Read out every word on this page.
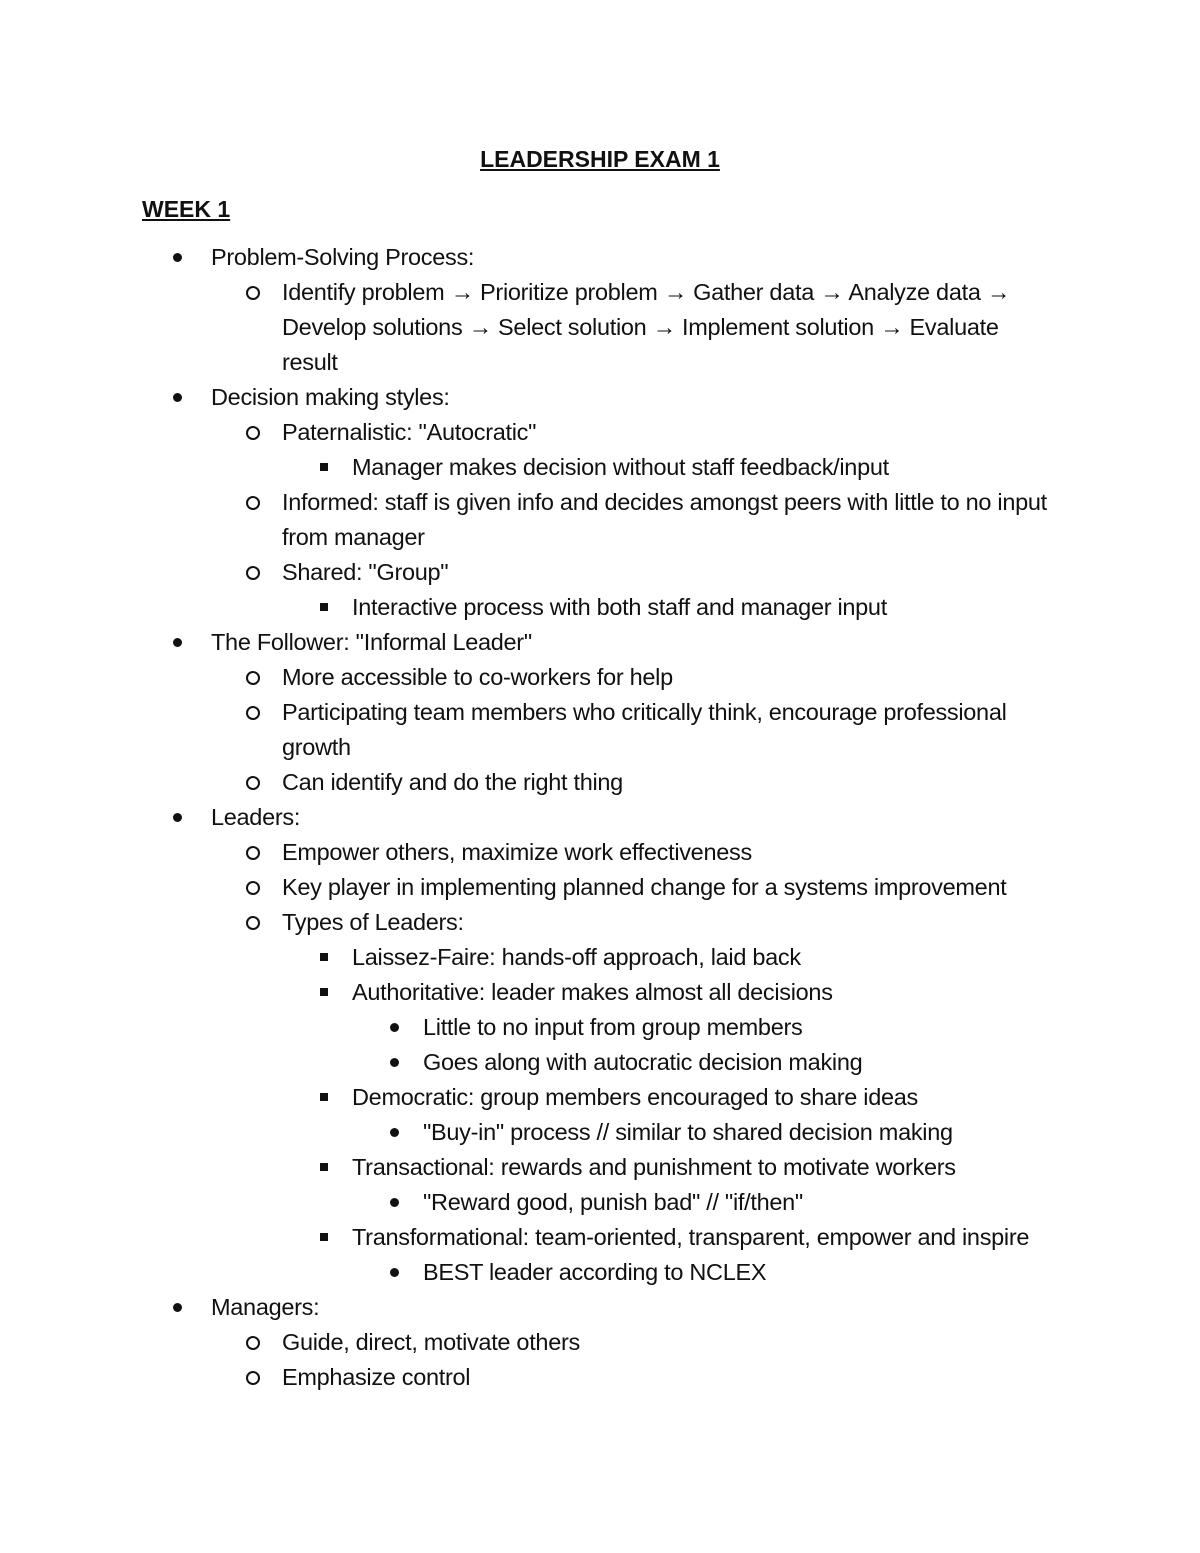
LEADERSHIP EXAM 1
WEEK 1
Problem-Solving Process:
Identify problem → Prioritize problem → Gather data → Analyze data →
Develop solutions → Select solution → Implement solution → Evaluate
result
Decision making styles:
Paternalistic: "Autocratic"
Manager makes decision without staff feedback/input
Informed: staff is given info and decides amongst peers with little to no input
from manager
Shared: "Group"
Interactive process with both staff and manager input
The Follower: "Informal Leader"
More accessible to co-workers for help
Participating team members who critically think, encourage professional
growth
Can identify and do the right thing
Leaders:
Empower others, maximize work effectiveness
Key player in implementing planned change for a systems improvement
Types of Leaders:
Laissez-Faire: hands-off approach, laid back
Authoritative: leader makes almost all decisions
Little to no input from group members
Goes along with autocratic decision making
Democratic: group members encouraged to share ideas
"Buy-in" process // similar to shared decision making
Transactional: rewards and punishment to motivate workers
"Reward good, punish bad" // "if/then"
Transformational: team-oriented, transparent, empower and inspire
BEST leader according to NCLEX
Managers:
Guide, direct, motivate others
Emphasize control
